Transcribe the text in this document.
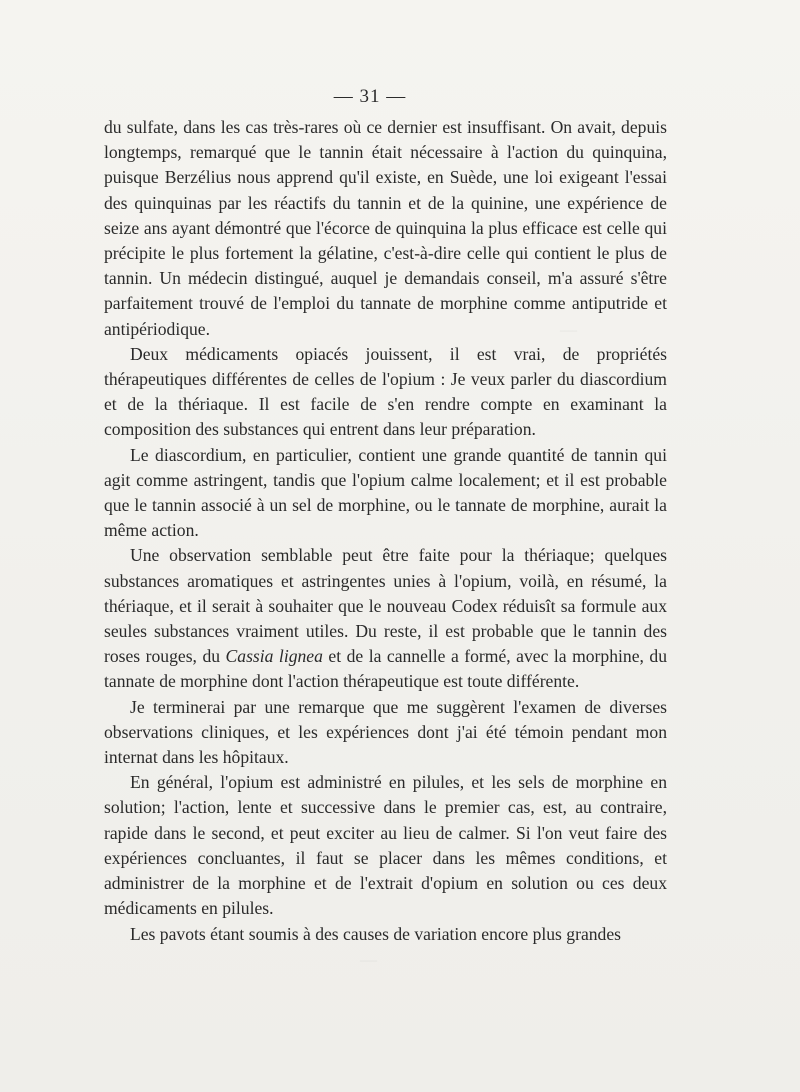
—
—
— 31 —

du sulfate, dans les cas très-rares où ce dernier est insuffisant. On avait, depuis longtemps, remarqué que le tannin était nécessaire à l'action du quinquina, puisque Berzélius nous apprend qu'il existe, en Suède, une loi exigeant l'essai des quinquinas par les réactifs du tannin et de la quinine, une expérience de seize ans ayant démontré que l'écorce de quinquina la plus efficace est celle qui précipite le plus fortement la gélatine, c'est-à-dire celle qui contient le plus de tannin. Un médecin distingué, auquel je demandais conseil, m'a assuré s'être parfaitement trouvé de l'emploi du tannate de morphine comme antiputride et antipériodique.

Deux médicaments opiacés jouissent, il est vrai, de propriétés thérapeutiques différentes de celles de l'opium : Je veux parler du diascordium et de la thériaque. Il est facile de s'en rendre compte en examinant la composition des substances qui entrent dans leur préparation.

Le diascordium, en particulier, contient une grande quantité de tannin qui agit comme astringent, tandis que l'opium calme localement; et il est probable que le tannin associé à un sel de morphine, ou le tannate de morphine, aurait la même action.

Une observation semblable peut être faite pour la thériaque; quelques substances aromatiques et astringentes unies à l'opium, voilà, en résumé, la thériaque, et il serait à souhaiter que le nouveau Codex réduisît sa formule aux seules substances vraiment utiles. Du reste, il est probable que le tannin des roses rouges, du Cassia lignea et de la cannelle a formé, avec la morphine, du tannate de morphine dont l'action thérapeutique est toute différente.

Je terminerai par une remarque que me suggèrent l'examen de diverses observations cliniques, et les expériences dont j'ai été témoin pendant mon internat dans les hôpitaux.

En général, l'opium est administré en pilules, et les sels de morphine en solution; l'action, lente et successive dans le premier cas, est, au contraire, rapide dans le second, et peut exciter au lieu de calmer. Si l'on veut faire des expériences concluantes, il faut se placer dans les mêmes conditions, et administrer de la morphine et de l'extrait d'opium en solution ou ces deux médicaments en pilules.

Les pavots étant soumis à des causes de variation encore plus grandes
